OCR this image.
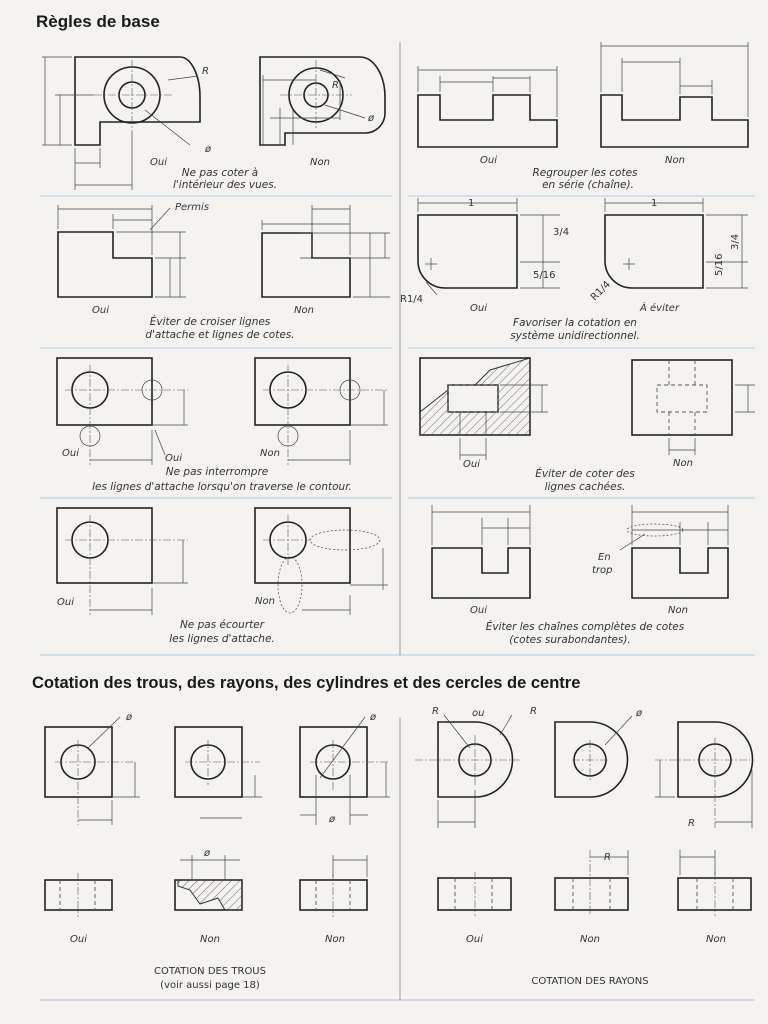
Règles de base
Cotation des trous, des rayons, des cylindres et des cercles de centre
R
ø
Oui
R
ø
Non
Ne pas coter à
l'intérieur des vues.
Oui	Non
Regrouper les cotes
en série (chaîne).
Permis
Oui	Non
Éviter de croiser lignes
d'attache et lignes de cotes.
1
3/4
5/16
R1/4
Oui
1
3/4
5/16
R1/4
À éviter
Favoriser la cotation en
système unidirectionnel.
Oui	Oui	Non
Ne pas interrompre
les lignes d'attache lorsqu'on traverse le contour.
Oui	Non
Éviter de coter des
lignes cachées.
Oui	Non
Ne pas écourter
les lignes d'attache.
Oui
En
trop
Non
Éviter les chaînes complètes de cotes
(cotes surabondantes).
ø	ø
ø
Oui
ø
Non	Non
COTATION DES TROUS
(voir aussi page 18)
R	ou	R	ø
R
Oui
R
Non	Non
COTATION DES RAYONS
